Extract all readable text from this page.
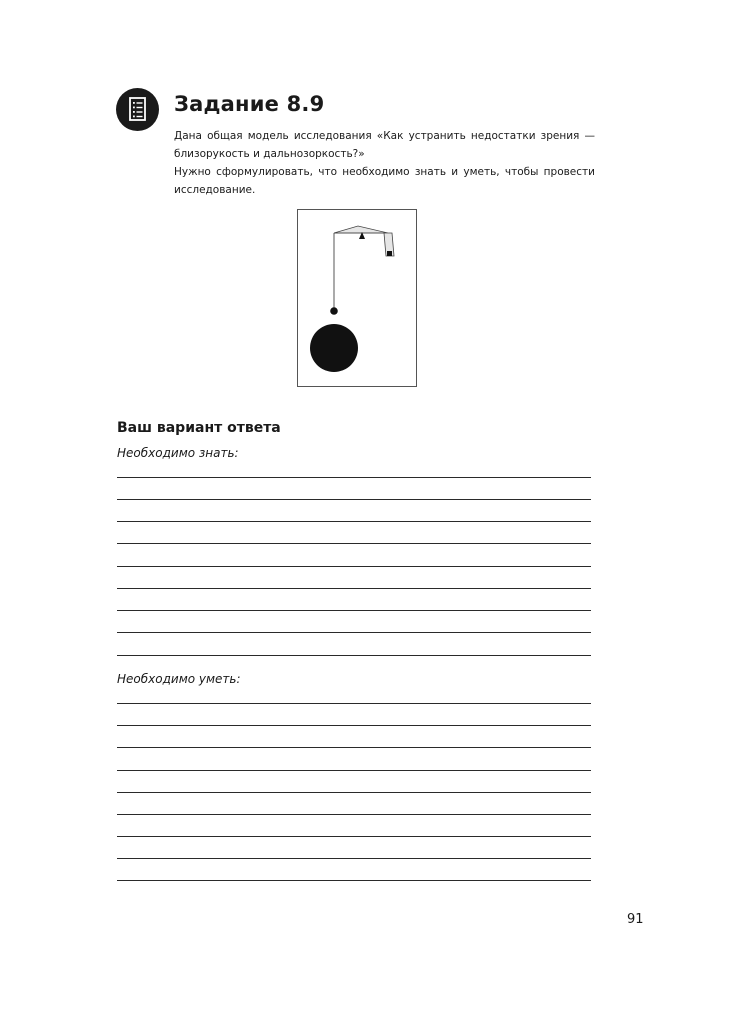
Задание 8.9

Дана общая модель исследования «Как устранить недостатки зрения — близорукость и дальнозоркость?»

Нужно сформулировать, что необходимо знать и уметь, чтобы провести исследование.

Ваш вариант ответа

Необходимо знать:

Необходимо уметь:

91
